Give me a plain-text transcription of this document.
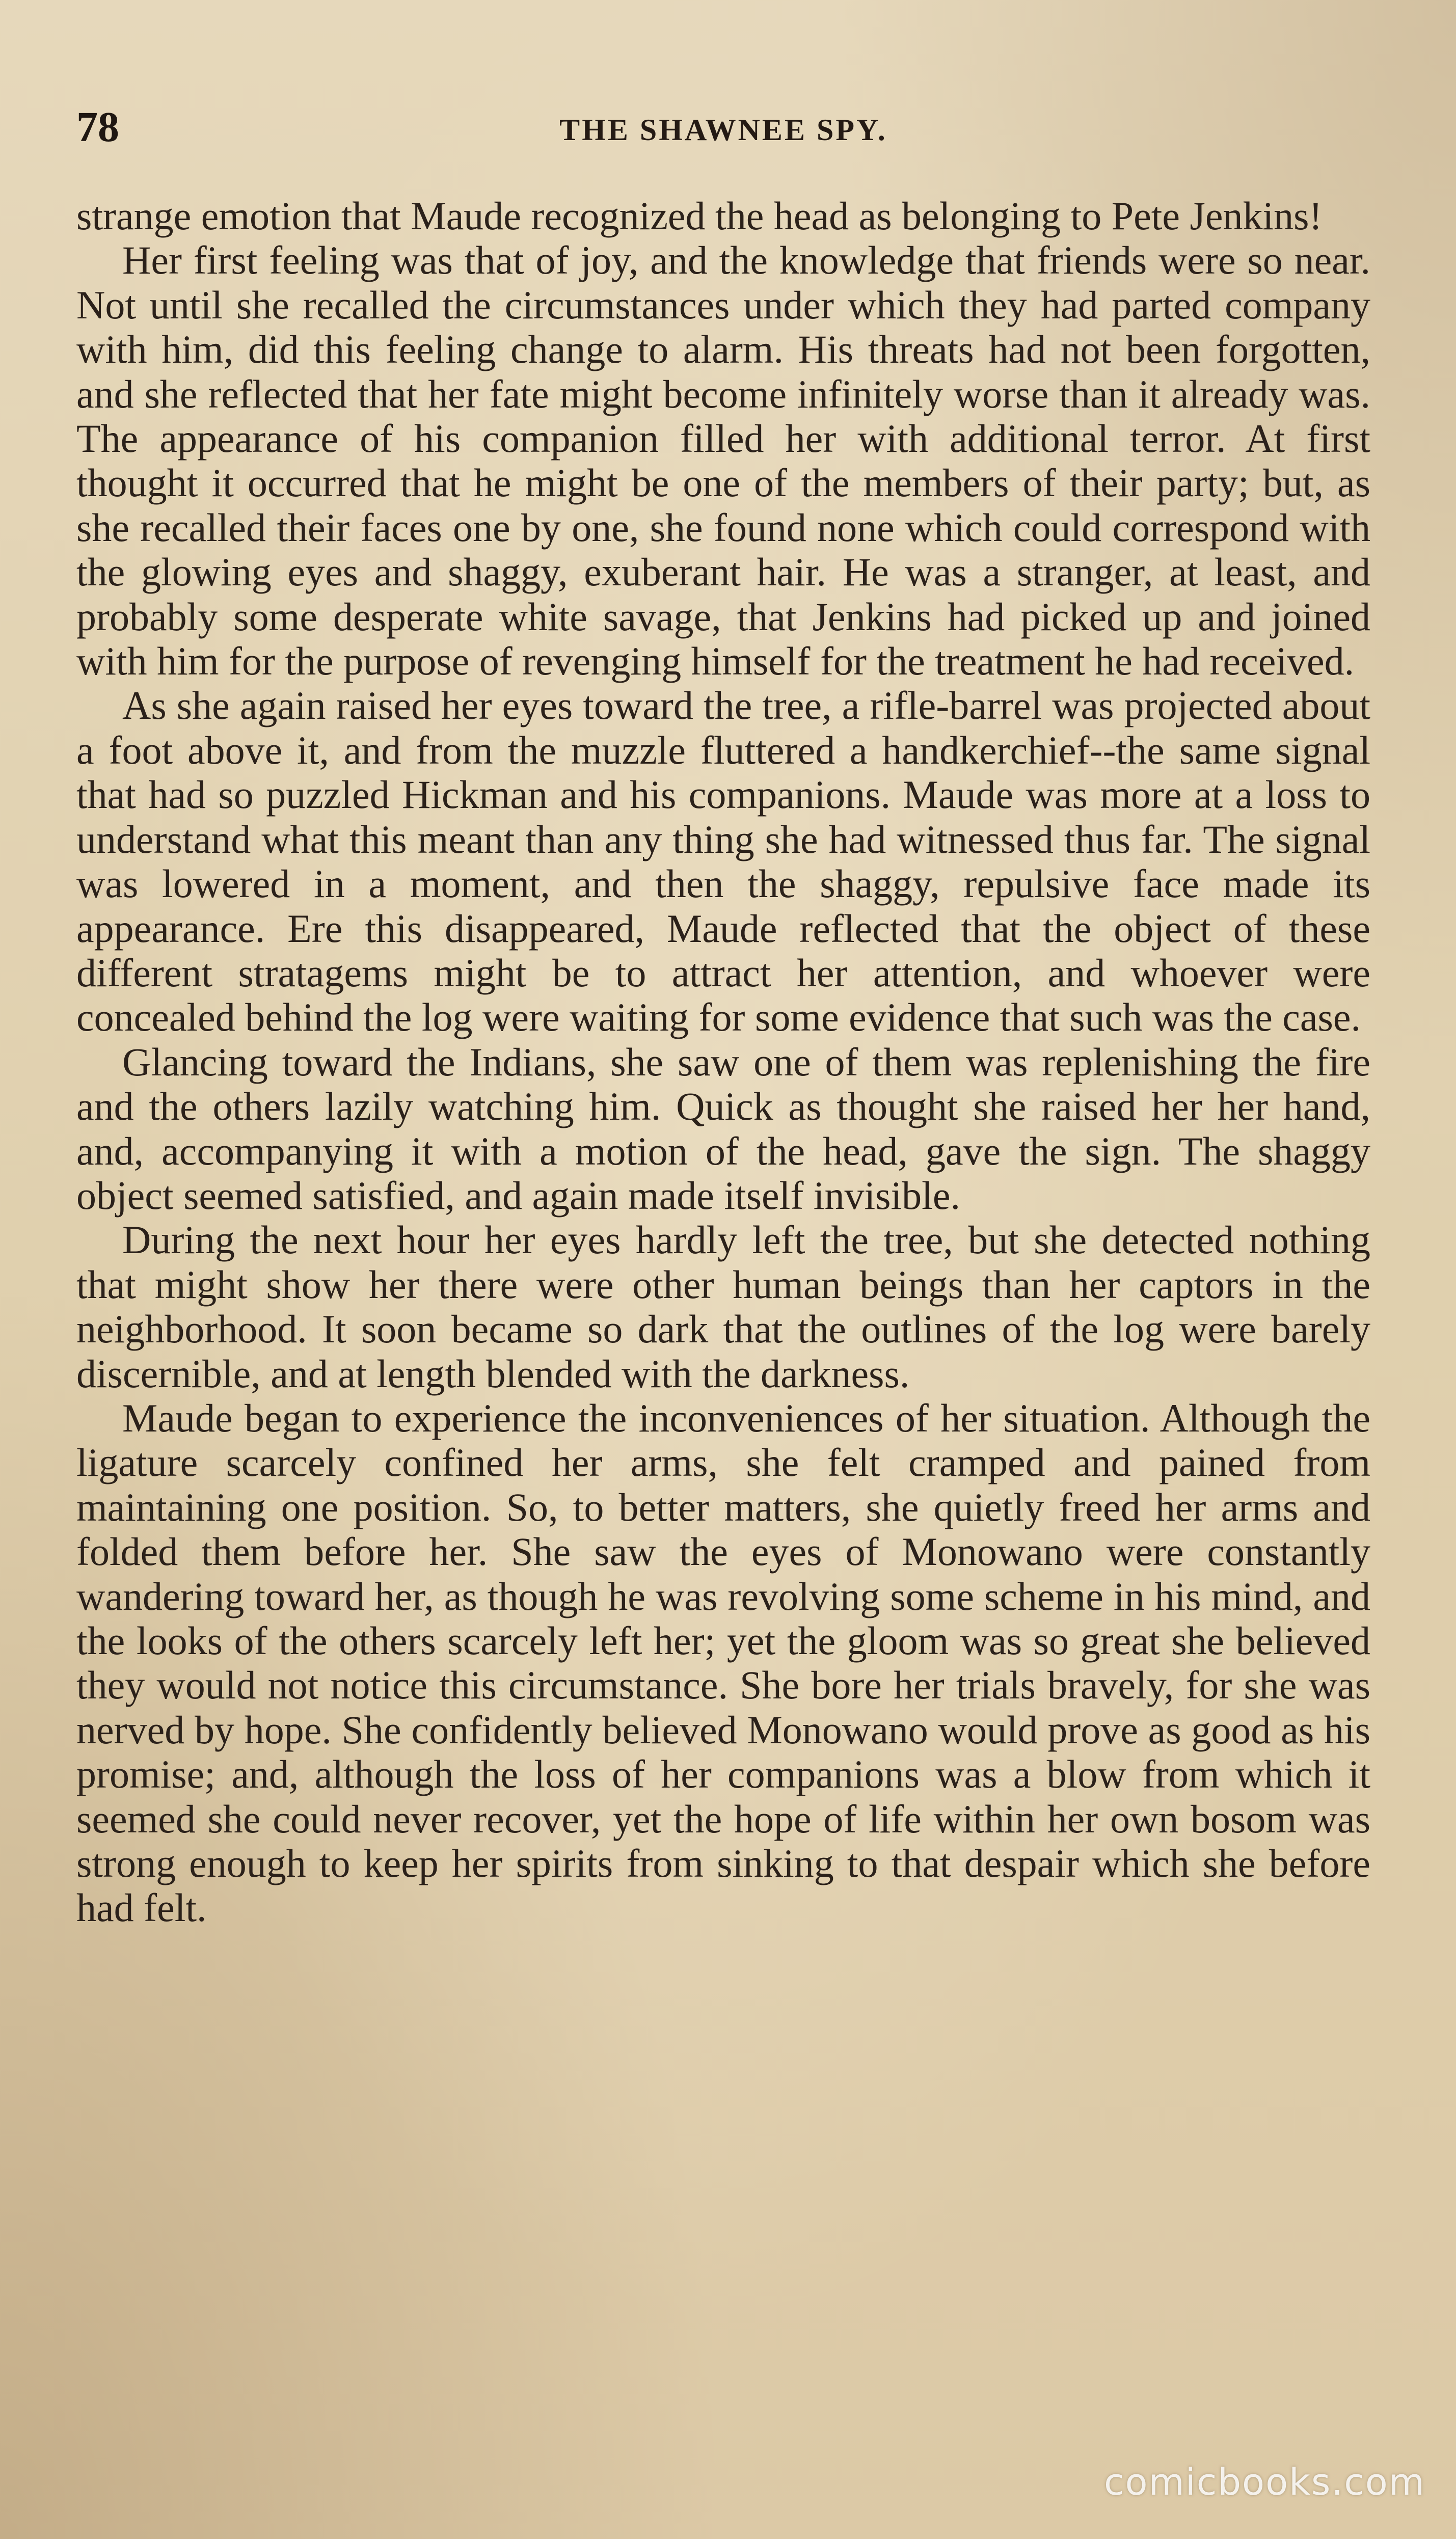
78	THE SHAWNEE SPY.

strange emotion that Maude recognized the head as belonging to Pete Jenkins!

Her first feeling was that of joy, and the knowledge that friends were so near. Not until she recalled the circumstances under which they had parted company with him, did this feeling change to alarm. His threats had not been forgotten, and she reflected that her fate might become infinitely worse than it already was. The appearance of his companion filled her with additional terror. At first thought it occurred that he might be one of the members of their party; but, as she recalled their faces one by one, she found none which could correspond with the glowing eyes and shaggy, exuberant hair. He was a stranger, at least, and probably some desperate white savage, that Jenkins had picked up and joined with him for the purpose of revenging himself for the treatment he had received.

As she again raised her eyes toward the tree, a rifle-barrel was projected about a foot above it, and from the muzzle fluttered a handkerchief--the same signal that had so puzzled Hickman and his companions. Maude was more at a loss to understand what this meant than any thing she had witnessed thus far. The signal was lowered in a moment, and then the shaggy, repulsive face made its appearance. Ere this disappeared, Maude reflected that the object of these different stratagems might be to attract her attention, and whoever were concealed behind the log were waiting for some evidence that such was the case.

Glancing toward the Indians, she saw one of them was replenishing the fire and the others lazily watching him. Quick as thought she raised her her hand, and, accompanying it with a motion of the head, gave the sign. The shaggy object seemed satisfied, and again made itself invisible.

During the next hour her eyes hardly left the tree, but she detected nothing that might show her there were other human beings than her captors in the neighborhood. It soon became so dark that the outlines of the log were barely discernible, and at length blended with the darkness.

Maude began to experience the inconveniences of her situation. Although the ligature scarcely confined her arms, she felt cramped and pained from maintaining one position. So, to better matters, she quietly freed her arms and folded them before her. She saw the eyes of Monowano were constantly wandering toward her, as though he was revolving some scheme in his mind, and the looks of the others scarcely left her; yet the gloom was so great she believed they would not notice this circumstance. She bore her trials bravely, for she was nerved by hope. She confidently believed Monowano would prove as good as his promise; and, although the loss of her companions was a blow from which it seemed she could never recover, yet the hope of life within her own bosom was strong enough to keep her spirits from sinking to that despair which she before had felt.

comicbooks.com
